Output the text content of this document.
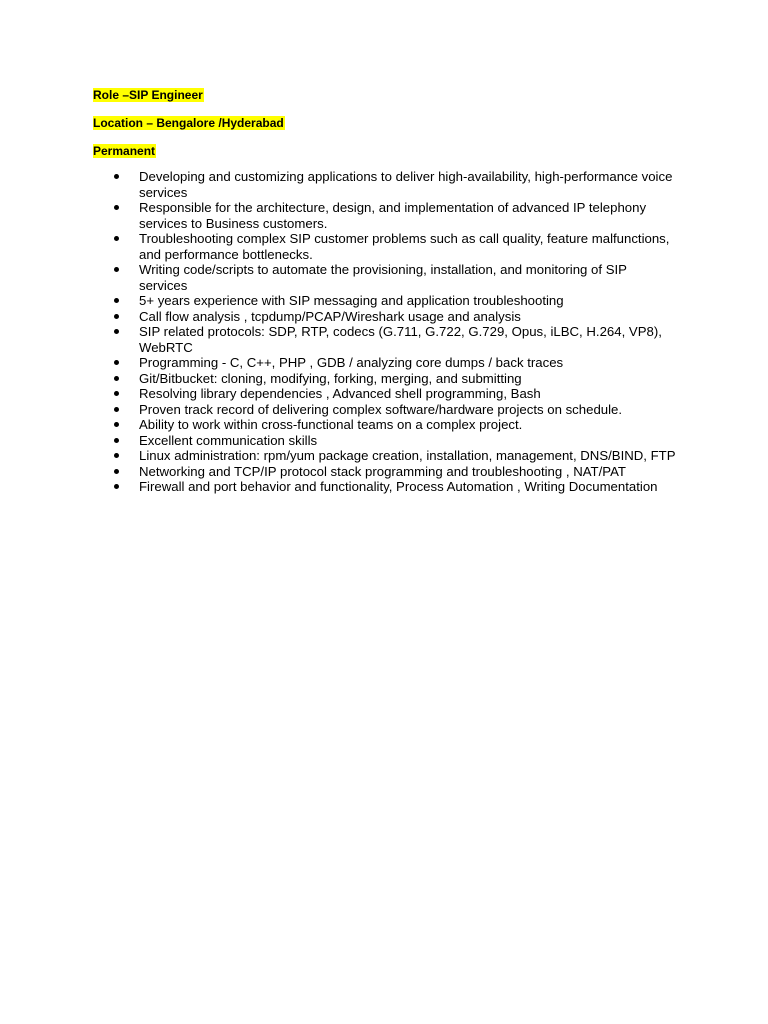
Role –SIP Engineer
Location – Bengalore /Hyderabad
Permanent
Developing and customizing applications to deliver high-availability, high-performance voice services
Responsible for the architecture, design, and implementation of advanced IP telephony services to Business customers.
Troubleshooting complex SIP customer problems such as call quality, feature malfunctions, and performance bottlenecks.
Writing code/scripts to automate the provisioning, installation, and monitoring of SIP services
5+ years experience with SIP messaging and application troubleshooting
Call flow analysis , tcpdump/PCAP/Wireshark usage and analysis
SIP related protocols: SDP, RTP, codecs (G.711, G.722, G.729, Opus, iLBC, H.264, VP8), WebRTC
Programming - C, C++, PHP , GDB / analyzing core dumps / back traces
Git/Bitbucket: cloning, modifying, forking, merging, and submitting
Resolving library dependencies , Advanced shell programming, Bash
Proven track record of delivering complex software/hardware projects on schedule.
Ability to work within cross-functional teams on a complex project.
Excellent communication skills
Linux administration: rpm/yum package creation, installation, management, DNS/BIND, FTP
Networking and TCP/IP protocol stack programming and troubleshooting , NAT/PAT
Firewall and port behavior and functionality, Process Automation , Writing Documentation
